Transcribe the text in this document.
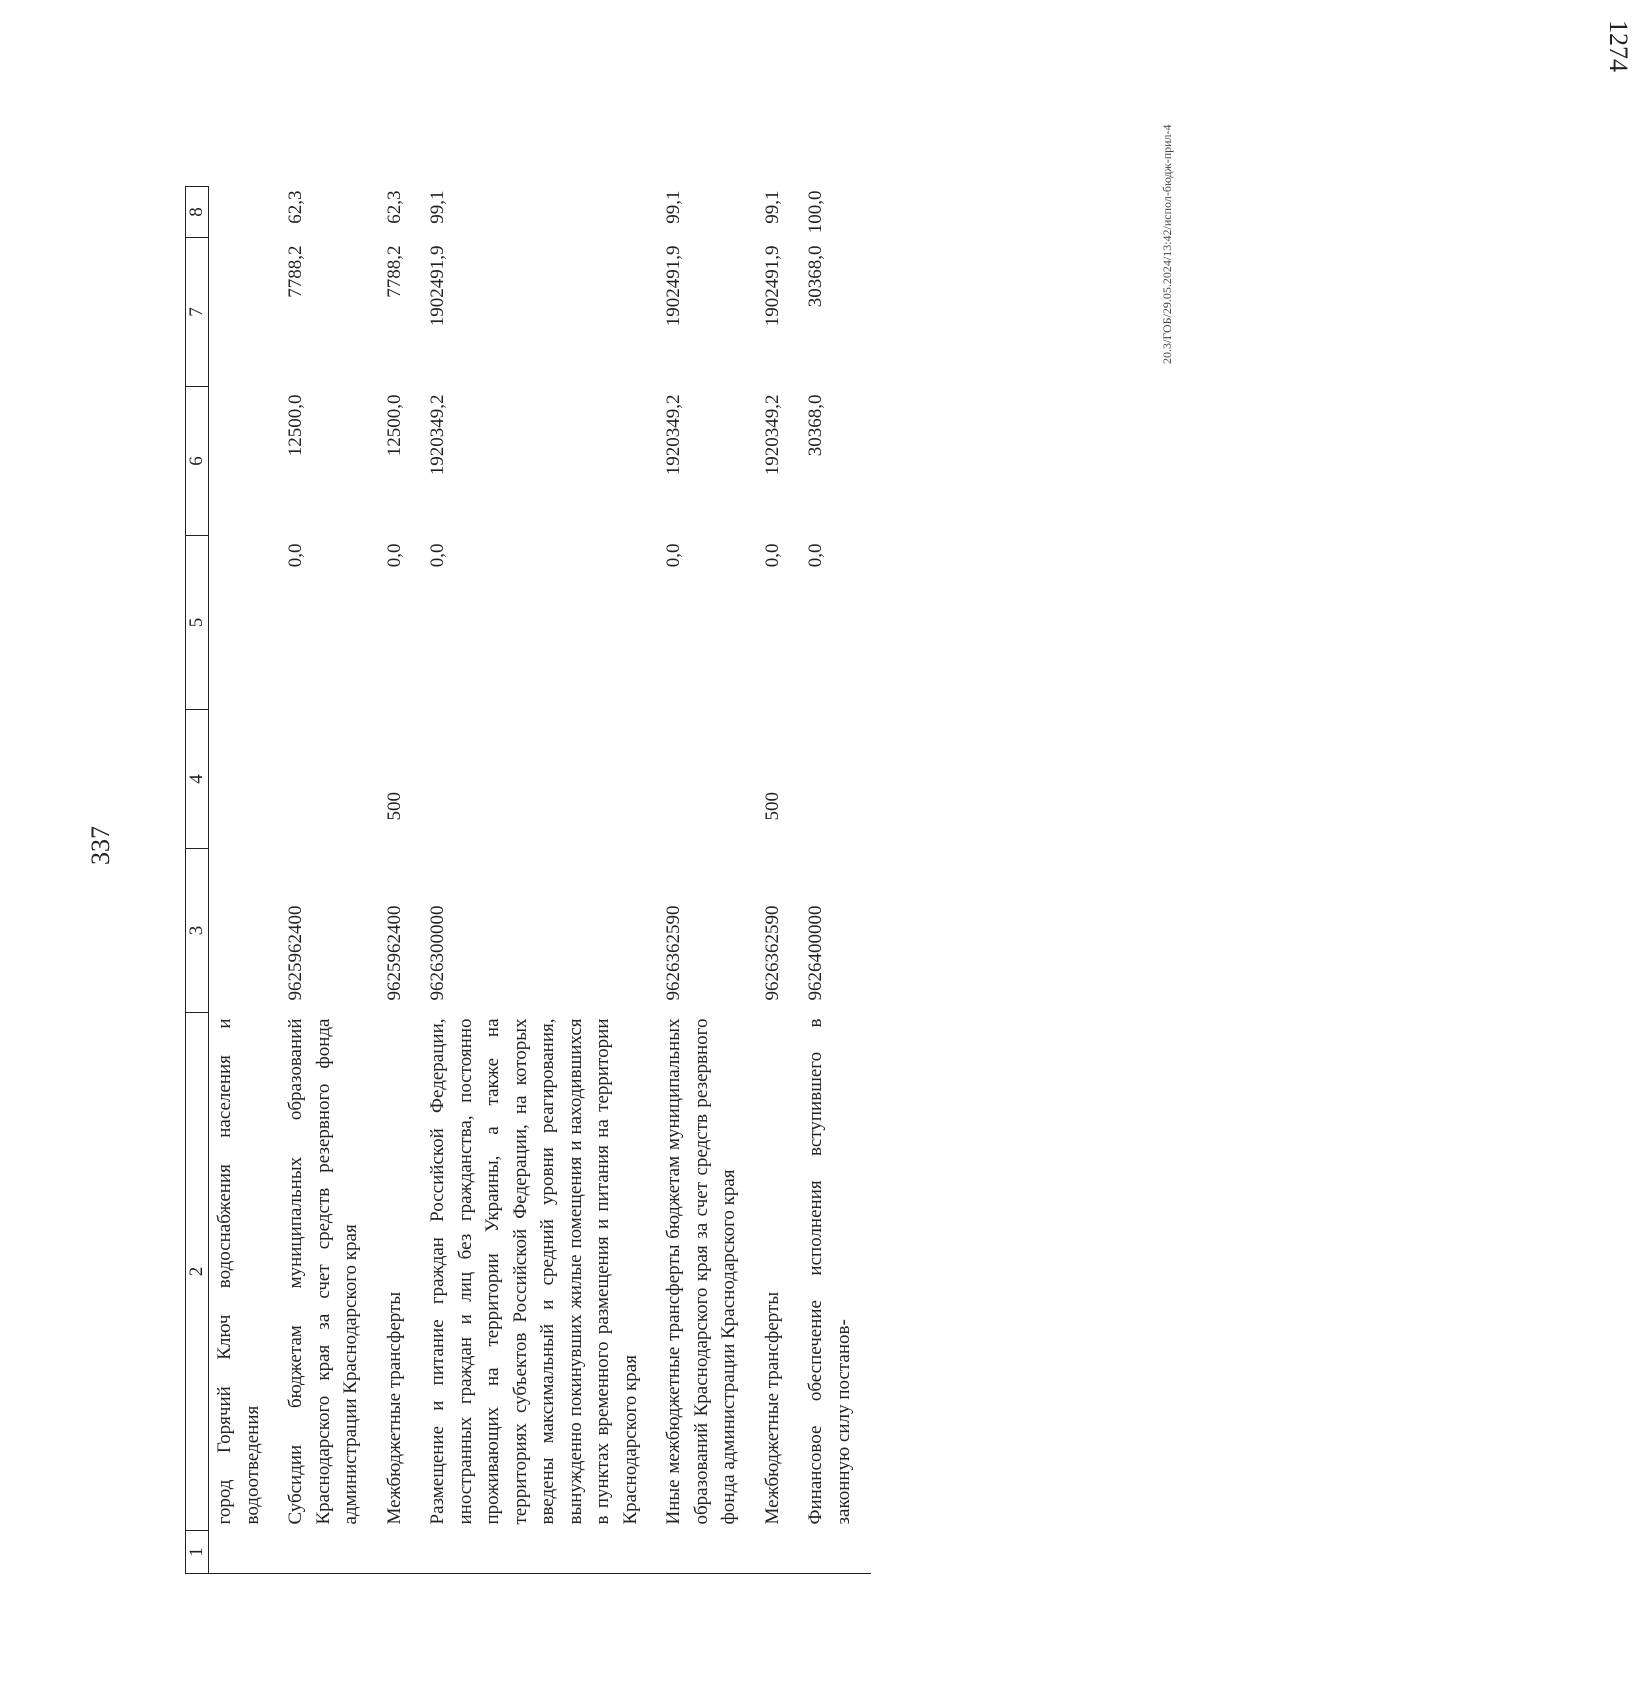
337
1	2	3	4	5	6	7	8
	город Горячий Ключ водоснабжения населения и водоотведения						
	Субсидии бюджетам муниципальных образований Краснодарского края за счет средств резервного фонда администрации Краснодарского края	9625962400		0,0	12500,0	7788,2	62,3
	Межбюджетные трансферты	9625962400	500	0,0	12500,0	7788,2	62,3
	Размещение и питание граждан Российской Федерации, иностранных граждан и лиц без гражданства, постоянно проживающих на территории Украины, а также на территориях субъектов Российской Федерации, на которых введены максимальный и средний уровни реагирования, вынужденно покинувших жилые помещения и находившихся в пунктах временного размещения и питания на территории Краснодарского края	9626300000		0,0	1920349,2	1902491,9	99,1
	Иные межбюджетные трансферты бюджетам муниципальных образований Краснодарского края за счет средств резервного фонда администрации Краснодарского края	9626362590		0,0	1920349,2	1902491,9	99,1
	Межбюджетные трансферты	9626362590	500	0,0	1920349,2	1902491,9	99,1
	Финансовое обеспечение исполнения вступившего в законную силу постанов-	9626400000		0,0	30368,0	30368,0	100,0	20.3/ГОБ/29.05.2024/13:42/испол-бюдж-прил-4
1274
